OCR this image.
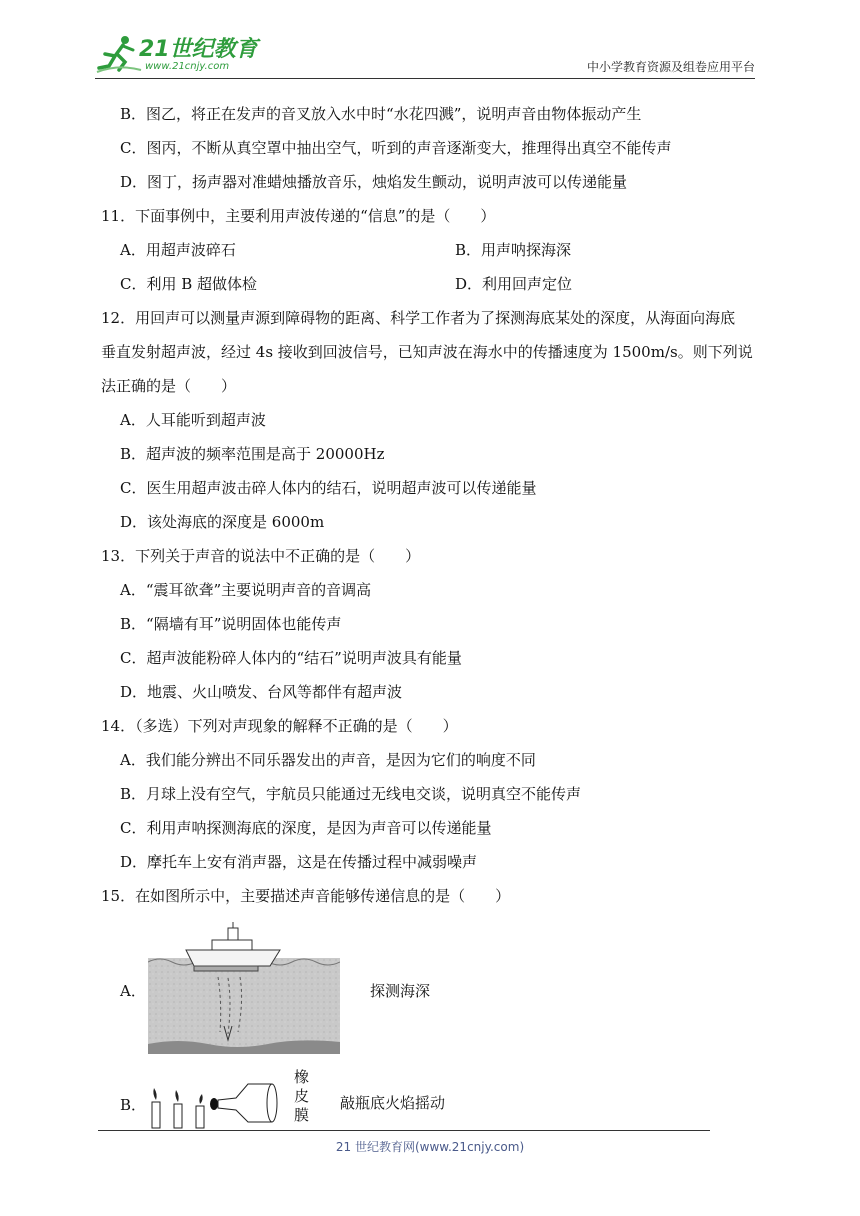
21世纪教育
www.21cnjy.com	中小学教育资源及组卷应用平台
B．图乙，将正在发声的音叉放入水中时“水花四溅”，说明声音由物体振动产生
C．图丙，不断从真空罩中抽出空气，听到的声音逐渐变大，推理得出真空不能传声
D．图丁，扬声器对准蜡烛播放音乐，烛焰发生颤动，说明声波可以传递能量
11．下面事例中，主要利用声波传递的“信息”的是（　　）
A．用超声波碎石	B．用声呐探海深
C．利用 B 超做体检	D．利用回声定位
12．用回声可以测量声源到障碍物的距离、科学工作者为了探测海底某处的深度，从海面向海底
垂直发射超声波，经过 4s 接收到回波信号，已知声波在海水中的传播速度为 1500m/s。则下列说
法正确的是（　　）
A．人耳能听到超声波
B．超声波的频率范围是高于 20000Hz
C．医生用超声波击碎人体内的结石，说明超声波可以传递能量
D．该处海底的深度是 6000m
13．下列关于声音的说法中不正确的是（　　）
A．“震耳欲聋”主要说明声音的音调高
B．“隔墙有耳”说明固体也能传声
C．超声波能粉碎人体内的“结石”说明声波具有能量
D．地震、火山喷发、台风等都伴有超声波
14．（多选）下列对声现象的解释不正确的是（　　）
A．我们能分辨出不同乐器发出的声音，是因为它们的响度不同
B．月球上没有空气，宇航员只能通过无线电交谈，说明真空不能传声
C．利用声呐探测海底的深度，是因为声音可以传递能量
D．摩托车上安有消声器，这是在传播过程中减弱噪声
15．在如图所示中，主要描述声音能够传递信息的是（　　）
A．	探测海深
B．
橡
皮
膜
敲瓶底火焰摇动
21 世纪教育网(www.21cnjy.com)
